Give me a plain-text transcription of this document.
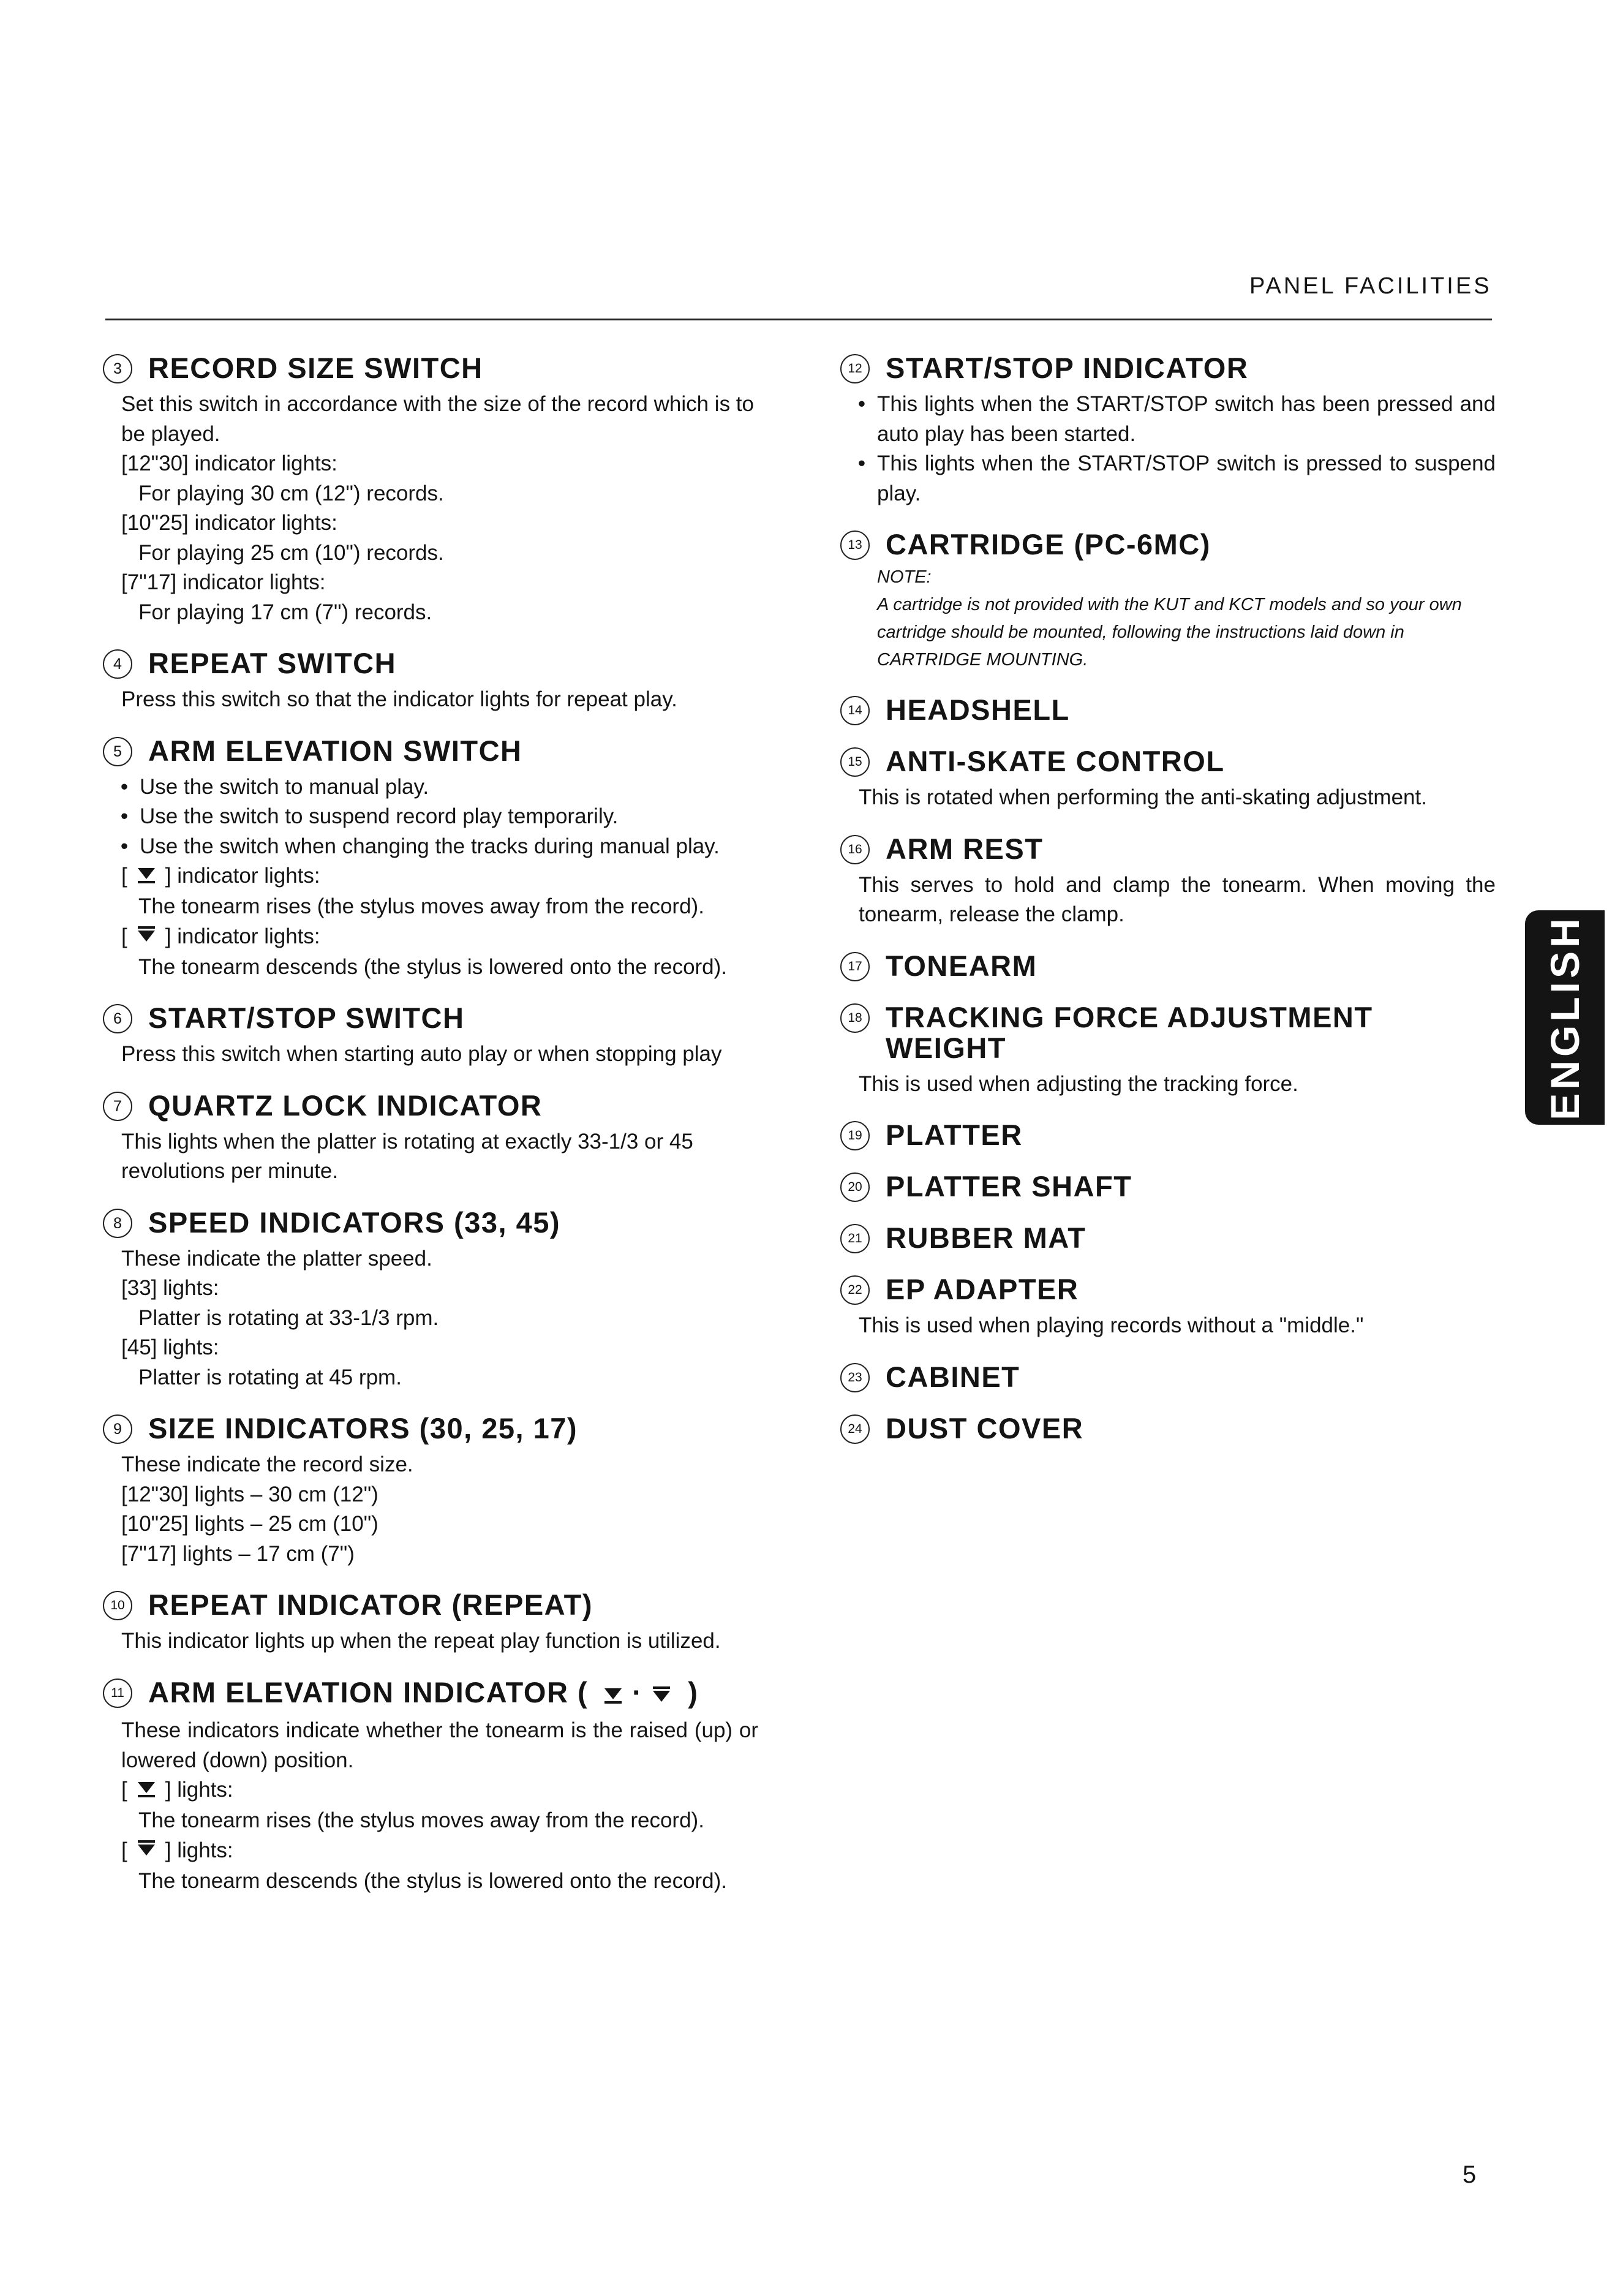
PANEL FACILITIES
3 RECORD SIZE SWITCH
Set this switch in accordance with the size of the record which is to be played.
[12"30] indicator lights:
For playing 30 cm (12") records.
[10"25] indicator lights:
For playing 25 cm (10") records.
[7"17] indicator lights:
For playing 17 cm (7") records.
4 REPEAT SWITCH
Press this switch so that the indicator lights for repeat play.
5 ARM ELEVATION SWITCH
• Use the switch to manual play.
• Use the switch to suspend record play temporarily.
• Use the switch when changing the tracks during manual play.
[ ] indicator lights:
The tonearm rises (the stylus moves away from the record).
[ ] indicator lights:
The tonearm descends (the stylus is lowered onto the record).
6 START/STOP SWITCH
Press this switch when starting auto play or when stopping play
7 QUARTZ LOCK INDICATOR
This lights when the platter is rotating at exactly 33-1/3 or 45 revolutions per minute.
8 SPEED INDICATORS (33, 45)
These indicate the platter speed.
[33] lights:
Platter is rotating at 33-1/3 rpm.
[45] lights:
Platter is rotating at 45 rpm.
9 SIZE INDICATORS (30, 25, 17)
These indicate the record size.
[12"30] lights – 30 cm (12")
[10"25] lights – 25 cm (10")
[7"17] lights – 17 cm (7")
10 REPEAT INDICATOR (REPEAT)
This indicator lights up when the repeat play function is utilized.
11 ARM ELEVATION INDICATOR ( · )
These indicators indicate whether the tonearm is the raised (up) or lowered (down) position.
[ ] lights:
The tonearm rises (the stylus moves away from the record).
[ ] lights:
The tonearm descends (the stylus is lowered onto the record).
12 START/STOP INDICATOR
• This lights when the START/STOP switch has been pressed and auto play has been started.
• This lights when the START/STOP switch is pressed to suspend play.
13 CARTRIDGE (PC-6MC)
NOTE:
A cartridge is not provided with the KUT and KCT models and so your own cartridge should be mounted, following the instructions laid down in CARTRIDGE MOUNTING.
14 HEADSHELL
15 ANTI-SKATE CONTROL
This is rotated when performing the anti-skating adjustment.
16 ARM REST
This serves to hold and clamp the tonearm. When moving the tonearm, release the clamp.
17 TONEARM
18 TRACKING FORCE ADJUSTMENT
WEIGHT
This is used when adjusting the tracking force.
19 PLATTER
20 PLATTER SHAFT
21 RUBBER MAT
22 EP ADAPTER
This is used when playing records without a "middle."
23 CABINET
24 DUST COVER
ENGLISH
5
